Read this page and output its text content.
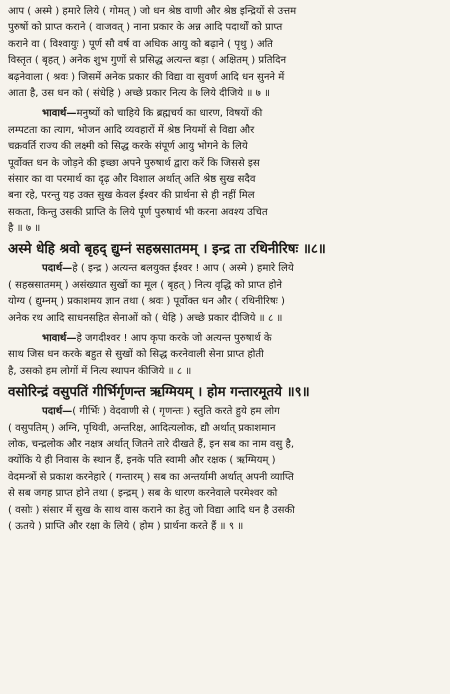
आप ( अस्मे ) हमारे लिये ( गोमत् ) जो धन श्रेष्ठ वाणी और श्रेष्ठ इन्द्रियों से उत्तम
पुरुषों को प्राप्त कराने ( वाजवत् ) नाना प्रकार के अन्न आदि पदार्थों को प्राप्त
कराने वा ( विश्वायुः ) पूर्ण सौ वर्ष वा अधिक आयु को बढ़ाने ( पृथु ) अति
विस्तृत ( बृहत् ) अनेक शुभ गुणों से प्रसिद्ध अत्यन्त बड़ा ( अक्षितम् ) प्रतिदिन
बढ़नेवाला ( श्रवः ) जिसमें अनेक प्रकार की विद्या वा सुवर्ण आदि धन सुनने में
आता है, उस धन को ( संधेहि ) अच्छे प्रकार नित्य के लिये दीजिये ॥ ७ ॥
भावार्थ—मनुष्यों को चाहिये कि ब्रह्मचर्य का धारण, विषयों की
लम्पटता का त्याग, भोजन आदि व्यवहारों में श्रेष्ठ नियमों से विद्या और
चक्रवर्ति राज्य की लक्ष्मी को सिद्ध करके संपूर्ण आयु भोगने के लिये
पूर्वोक्त धन के जोड़ने की इच्छा अपने पुरुषार्थ द्वारा करें कि जिससे इस
संसार का वा परमार्थ का दृढ़ और विशाल अर्थात् अति श्रेष्ठ सुख सदैव
बना रहे, परन्तु यह उक्त सुख केवल ईश्वर की प्रार्थना से ही नहीं मिल
सकता, किन्तु उसकी प्राप्ति के लिये पूर्ण पुरुषार्थ भी करना अवश्य उचित
है ॥ ७ ॥
अस्मे धेहि श्रवो बृहद् द्युम्नं सहस्रसातमम् । इन्द्र ता रथिनीरिषः ॥८॥
पदार्थ—हे ( इन्द्र ) अत्यन्त बलयुक्त ईश्वर ! आप ( अस्मे ) हमारे लिये
( सहस्रसातमम् ) असंख्यात सुखों का मूल ( बृहत् ) नित्य वृद्धि को प्राप्त होने
योग्य ( द्युम्नम् ) प्रकाशमय ज्ञान तथा ( श्रवः ) पूर्वोक्त धन और ( रथिनीरिषः )
अनेक रथ आदि साधनसहित सेनाओं को ( धेहि ) अच्छे प्रकार दीजिये ॥ ८ ॥
भावार्थ—हे जगदीश्वर ! आप कृपा करके जो अत्यन्त पुरुषार्थ के
साथ जिस धन करके बहुत से सुखों को सिद्ध करनेवाली सेना प्राप्त होती
है, उसको हम लोगों में नित्य स्थापन कीजिये ॥ ८ ॥
वसोरिन्द्रं वसुपतिं गीर्भिर्गृणन्त ऋग्मियम् । होम गन्तारमूतये ॥९॥
पदार्थ—( गीर्भिः ) वेदवाणी से ( गृणन्तः ) स्तुति करते हुये हम लोग
( वसुपतिम् ) अग्नि, पृथिवी, अन्तरिक्ष, आदित्यलोक, द्यौ अर्थात् प्रकाशमान
लोक, चन्द्रलोक और नक्षत्र अर्थात् जितने तारे दीखते हैं, इन सब का नाम वसु है,
क्योंकि ये ही निवास के स्थान हैं, इनके पति स्वामी और रक्षक ( ऋग्मियम् )
वेदमन्त्रों से प्रकाश करनेहारे ( गन्तारम् ) सब का अन्तर्यामी अर्थात् अपनी व्याप्ति
से सब जगह प्राप्त होने तथा ( इन्द्रम् ) सब के धारण करनेवाले परमेश्वर को
( वसोः ) संसार में सुख के साथ वास कराने का हेतु जो विद्या आदि धन है उसकी
( ऊतये ) प्राप्ति और रक्षा के लिये ( होम ) प्रार्थना करते हैं ॥ ९ ॥
